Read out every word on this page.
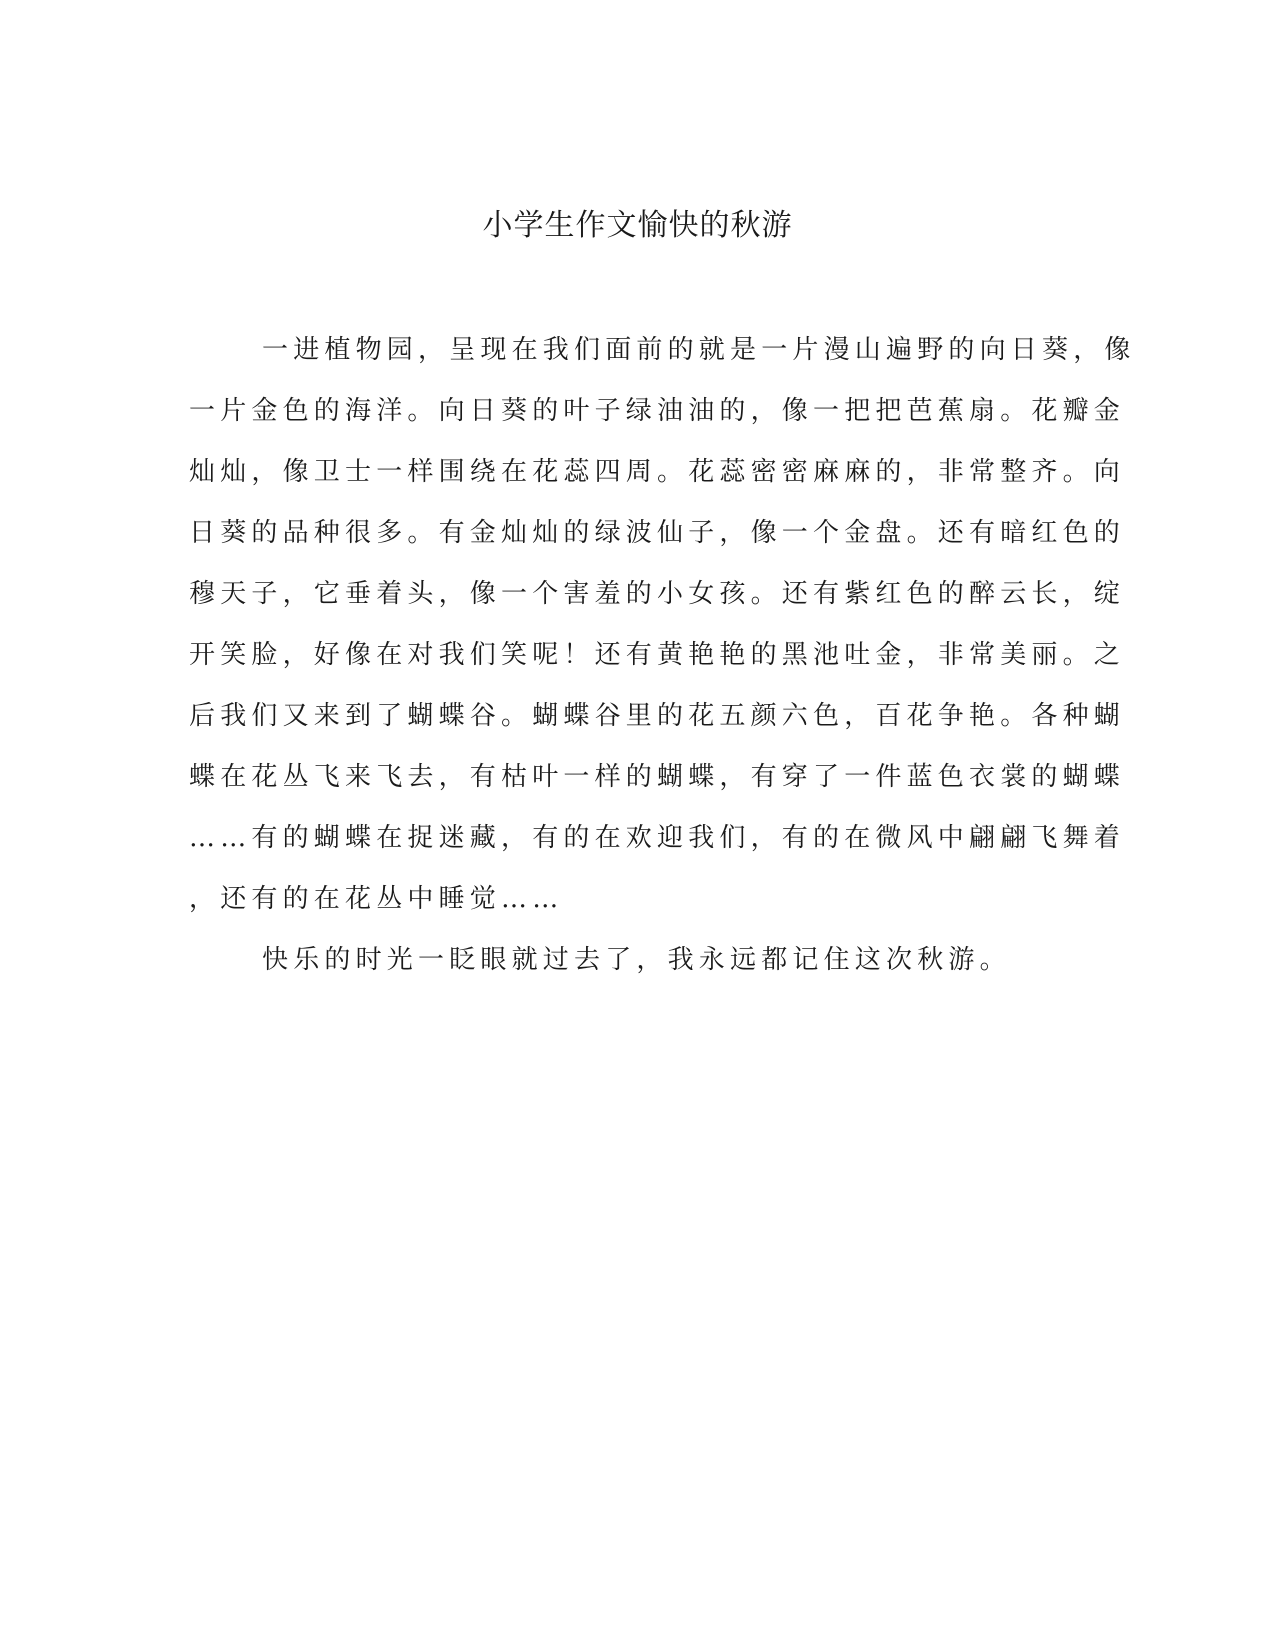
小学生作文愉快的秋游
一进植物园，呈现在我们面前的就是一片漫山遍野的向日葵，像
一片金色的海洋。向日葵的叶子绿油油的，像一把把芭蕉扇。花瓣金
灿灿，像卫士一样围绕在花蕊四周。花蕊密密麻麻的，非常整齐。向
日葵的品种很多。有金灿灿的绿波仙子，像一个金盘。还有暗红色的
穆天子，它垂着头，像一个害羞的小女孩。还有紫红色的醉云长，绽
开笑脸，好像在对我们笑呢！还有黄艳艳的黑池吐金，非常美丽。之
后我们又来到了蝴蝶谷。蝴蝶谷里的花五颜六色，百花争艳。各种蝴
蝶在花丛飞来飞去，有枯叶一样的蝴蝶，有穿了一件蓝色衣裳的蝴蝶
……有的蝴蝶在捉迷藏，有的在欢迎我们，有的在微风中翩翩飞舞着
，还有的在花丛中睡觉……
快乐的时光一眨眼就过去了，我永远都记住这次秋游。
